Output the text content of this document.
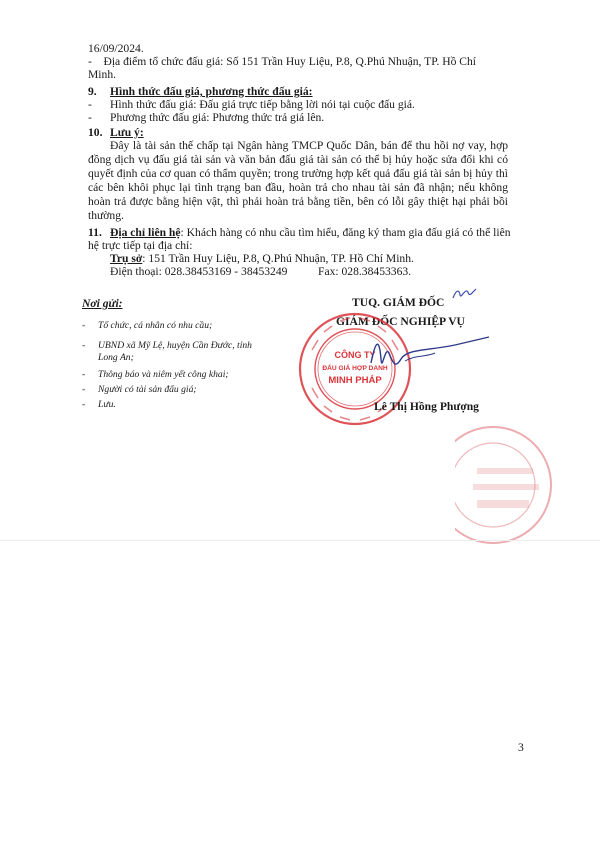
16/09/2024.
-    Địa điểm tổ chức đấu giá: Số 151 Trần Huy Liệu, P.8, Q.Phú Nhuận, TP. Hồ Chí
Minh.
9. Hình thức đấu giá, phương thức đấu giá:
- Hình thức đấu giá: Đấu giá trực tiếp bằng lời nói tại cuộc đấu giá.
- Phương thức đấu giá: Phương thức trả giá lên.
10. Lưu ý:
Đây là tài sản thế chấp tại Ngân hàng TMCP Quốc Dân, bán để thu hồi nợ vay, hợp đồng dịch vụ đấu giá tài sản và văn bản đấu giá tài sản có thể bị hủy hoặc sửa đổi khi có quyết định của cơ quan có thẩm quyền; trong trường hợp kết quả đấu giá tài sản bị hủy thì các bên khôi phục lại tình trạng ban đầu, hoàn trả cho nhau tài sản đã nhận; nếu không hoàn trả được bằng hiện vật, thì phải hoàn trả bằng tiền, bên có lỗi gây thiệt hại phải bồi thường.
11. Địa chỉ liên hệ: Khách hàng có nhu cầu tìm hiểu, đăng ký tham gia đấu giá có thể liên
hệ trực tiếp tại địa chỉ:
Trụ sở: 151 Trần Huy Liệu, P.8, Q.Phú Nhuận, TP. Hồ Chí Minh.
Điện thoại: 028.38453169 - 38453249	Fax: 028.38453363.
Nơi gửi:
- Tổ chức, cá nhân có nhu cầu;
- UBND xã Mỹ Lệ, huyện Cần Đước, tỉnh
Long An;
- Thông báo và niêm yết công khai;
- Người có tài sản đấu giá;
- Lưu.
TUQ. GIÁM ĐỐC
GIÁM ĐỐC NGHIỆP VỤ
CÔNG TY
ĐẤU GIÁ HỢP DANH
MINH PHÁP
Lê Thị Hồng Phượng
3
